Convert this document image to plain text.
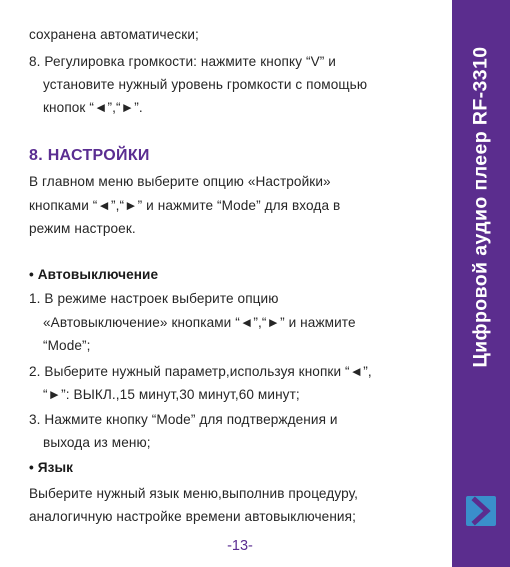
сохранена автоматически;
8. Регулировка громкости: нажмите кнопку “V” и
установите нужный уровень громкости с помощью
кнопок “◄”,“►”.
8. НАСТРОЙКИ
В главном меню выберите опцию «Настройки»
кнопками “◄”,“►” и нажмите “Mode” для входа в
режим настроек.
• Автовыключение
1. В режиме настроек выберите опцию
«Автовыключение» кнопками “◄”,“►” и нажмите
“Mode”;
2. Выберите нужный параметр,используя кнопки “◄”,
“►”: ВЫКЛ.,15 минут,30 минут,60 минут;
3. Нажмите кнопку “Mode” для подтверждения и
выхода из меню;
• Язык
Выберите нужный язык меню,выполнив процедуру,
аналогичную настройке времени автовыключения;
-13-
Цифровой аудио плеер RF-3310
